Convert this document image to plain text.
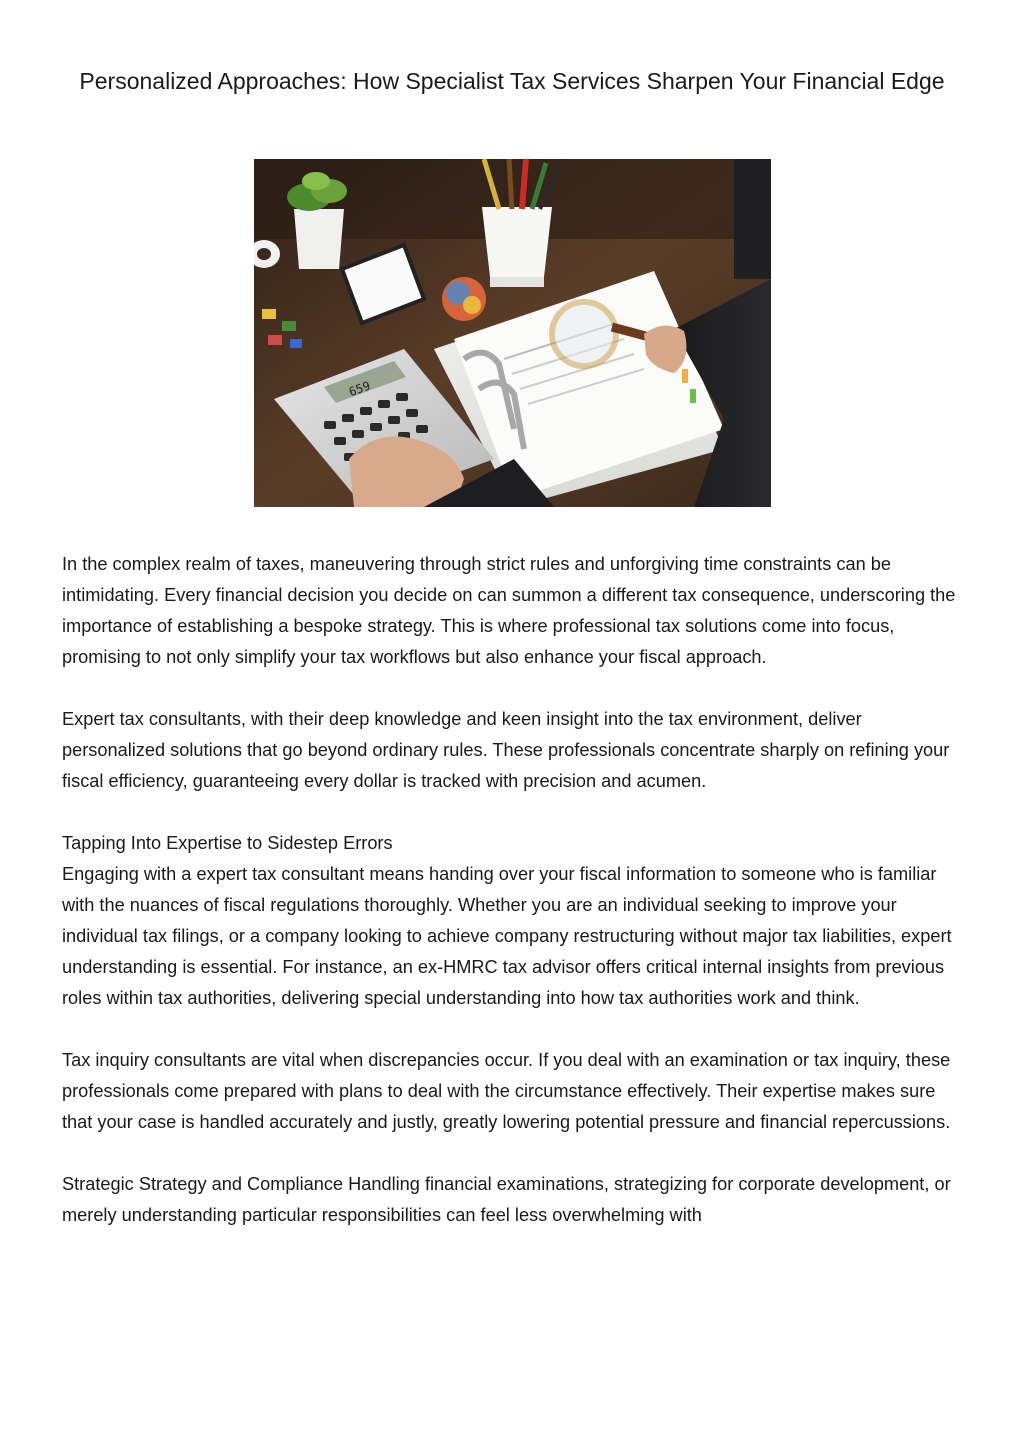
Personalized Approaches: How Specialist Tax Services Sharpen Your Financial Edge
659

In the complex realm of taxes, maneuvering through strict rules and unforgiving time constraints can be intimidating. Every financial decision you decide on can summon a different tax consequence, underscoring the importance of establishing a bespoke strategy. This is where professional tax solutions come into focus, promising to not only simplify your tax workflows but also enhance your fiscal approach.

Expert tax consultants, with their deep knowledge and keen insight into the tax environment, deliver personalized solutions that go beyond ordinary rules. These professionals concentrate sharply on refining your fiscal efficiency, guaranteeing every dollar is tracked with precision and acumen.

Tapping Into Expertise to Sidestep Errors

Engaging with a expert tax consultant means handing over your fiscal information to someone who is familiar with the nuances of fiscal regulations thoroughly. Whether you are an individual seeking to improve your individual tax filings, or a company looking to achieve company restructuring without major tax liabilities, expert understanding is essential. For instance, an ex-HMRC tax advisor offers critical internal insights from previous roles within tax authorities, delivering special understanding into how tax authorities work and think.

Tax inquiry consultants are vital when discrepancies occur. If you deal with an examination or tax inquiry, these professionals come prepared with plans to deal with the circumstance effectively. Their expertise makes sure that your case is handled accurately and justly, greatly lowering potential pressure and financial repercussions.

Strategic Strategy and Compliance Handling financial examinations, strategizing for corporate development, or merely understanding particular responsibilities can feel less overwhelming with
